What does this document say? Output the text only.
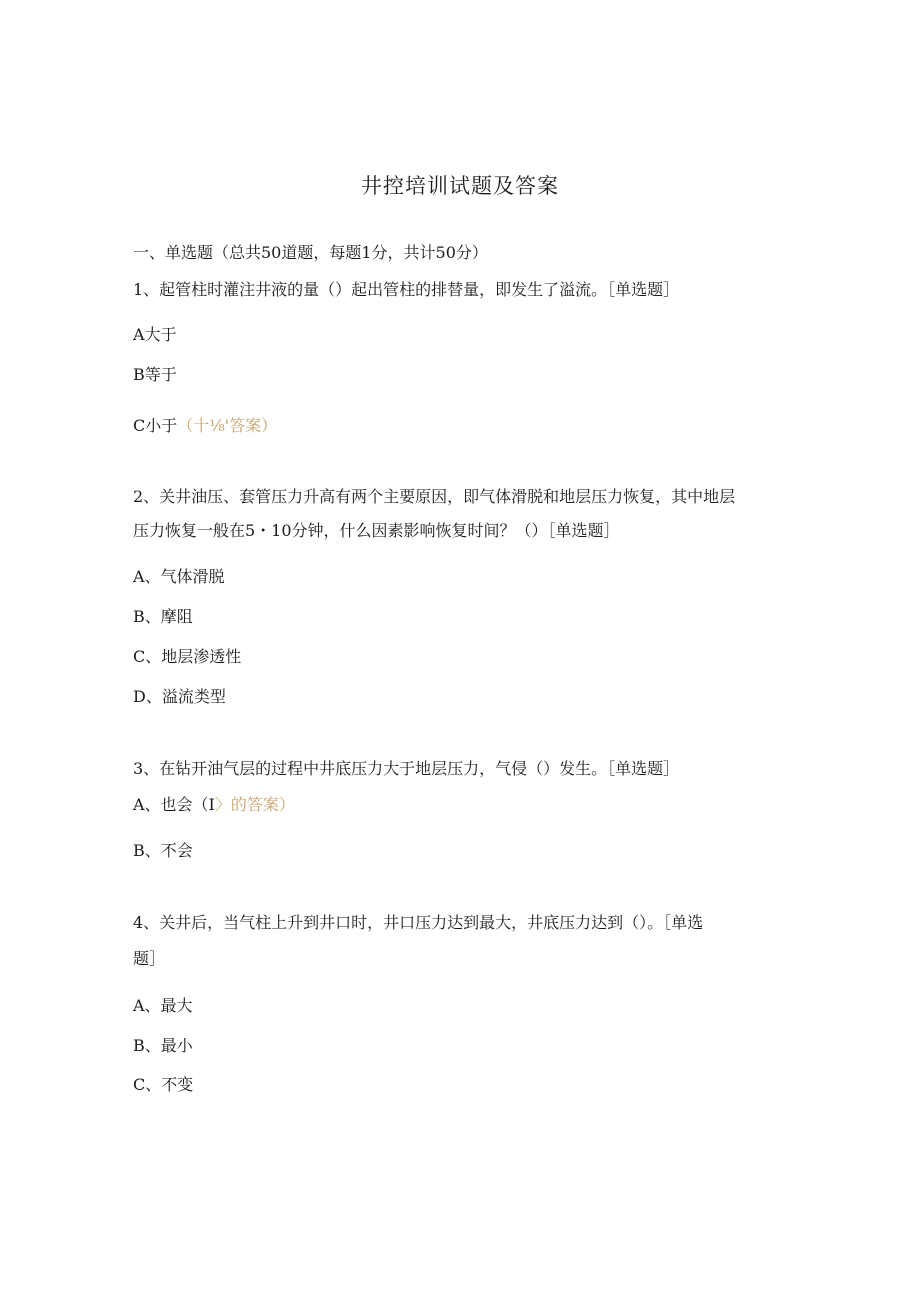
井控培训试题及答案
一、单选题（总共50道题，每题1分，共计50分）
1、起管柱时灌注井液的量（）起出管柱的排替量，即发生了溢流。［单选题］
A大于
B等于
C小于（十⅛'答案）
2、关井油压、套管压力升高有两个主要原因，即气体滑脱和地层压力恢复，其中地层
压力恢复一般在5・10分钟，什么因素影响恢复时间？（）［单选题］
A、气体滑脱
B、摩阻
C、地层渗透性
D、溢流类型
3、在钻开油气层的过程中井底压力大于地层压力，气侵（）发生。［单选题］
A、也会（I〉的答案）
B、不会
4、关井后，当气柱上升到井口时，井口压力达到最大，井底压力达到（）。［单选
题］
A、最大
B、最小
C、不变
